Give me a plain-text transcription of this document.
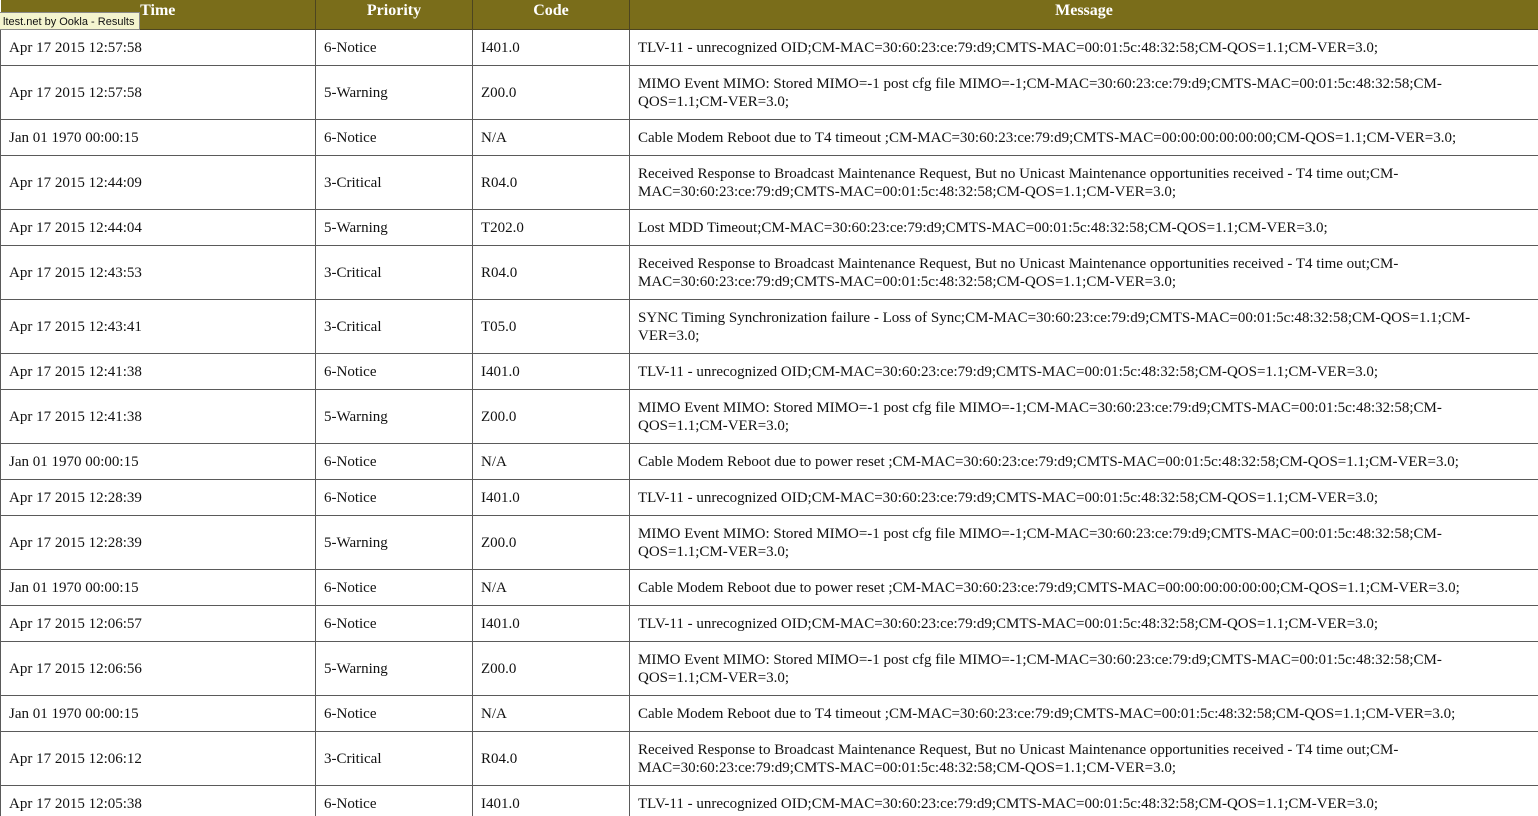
Time	Priority	Code	Message
Apr 17 2015 12:57:58	6-Notice	I401.0	TLV-11 - unrecognized OID;CM-MAC=30:60:23:ce:79:d9;CMTS-MAC=00:01:5c:48:32:58;CM-QOS=1.1;CM-VER=3.0;
Apr 17 2015 12:57:58	5-Warning	Z00.0	MIMO Event MIMO: Stored MIMO=-1 post cfg file MIMO=-1;CM-MAC=30:60:23:ce:79:d9;CMTS-MAC=00:01:5c:48:32:58;CM-QOS=1.1;CM-VER=3.0;
Jan 01 1970 00:00:15	6-Notice	N/A	Cable Modem Reboot due to T4 timeout ;CM-MAC=30:60:23:ce:79:d9;CMTS-MAC=00:00:00:00:00:00;CM-QOS=1.1;CM-VER=3.0;
Apr 17 2015 12:44:09	3-Critical	R04.0	Received Response to Broadcast Maintenance Request, But no Unicast Maintenance opportunities received - T4 time out;CM-MAC=30:60:23:ce:79:d9;CMTS-MAC=00:01:5c:48:32:58;CM-QOS=1.1;CM-VER=3.0;
Apr 17 2015 12:44:04	5-Warning	T202.0	Lost MDD Timeout;CM-MAC=30:60:23:ce:79:d9;CMTS-MAC=00:01:5c:48:32:58;CM-QOS=1.1;CM-VER=3.0;
Apr 17 2015 12:43:53	3-Critical	R04.0	Received Response to Broadcast Maintenance Request, But no Unicast Maintenance opportunities received - T4 time out;CM-MAC=30:60:23:ce:79:d9;CMTS-MAC=00:01:5c:48:32:58;CM-QOS=1.1;CM-VER=3.0;
Apr 17 2015 12:43:41	3-Critical	T05.0	SYNC Timing Synchronization failure - Loss of Sync;CM-MAC=30:60:23:ce:79:d9;CMTS-MAC=00:01:5c:48:32:58;CM-QOS=1.1;CM-VER=3.0;
Apr 17 2015 12:41:38	6-Notice	I401.0	TLV-11 - unrecognized OID;CM-MAC=30:60:23:ce:79:d9;CMTS-MAC=00:01:5c:48:32:58;CM-QOS=1.1;CM-VER=3.0;
Apr 17 2015 12:41:38	5-Warning	Z00.0	MIMO Event MIMO: Stored MIMO=-1 post cfg file MIMO=-1;CM-MAC=30:60:23:ce:79:d9;CMTS-MAC=00:01:5c:48:32:58;CM-QOS=1.1;CM-VER=3.0;
Jan 01 1970 00:00:15	6-Notice	N/A	Cable Modem Reboot due to power reset ;CM-MAC=30:60:23:ce:79:d9;CMTS-MAC=00:01:5c:48:32:58;CM-QOS=1.1;CM-VER=3.0;
Apr 17 2015 12:28:39	6-Notice	I401.0	TLV-11 - unrecognized OID;CM-MAC=30:60:23:ce:79:d9;CMTS-MAC=00:01:5c:48:32:58;CM-QOS=1.1;CM-VER=3.0;
Apr 17 2015 12:28:39	5-Warning	Z00.0	MIMO Event MIMO: Stored MIMO=-1 post cfg file MIMO=-1;CM-MAC=30:60:23:ce:79:d9;CMTS-MAC=00:01:5c:48:32:58;CM-QOS=1.1;CM-VER=3.0;
Jan 01 1970 00:00:15	6-Notice	N/A	Cable Modem Reboot due to power reset ;CM-MAC=30:60:23:ce:79:d9;CMTS-MAC=00:00:00:00:00:00;CM-QOS=1.1;CM-VER=3.0;
Apr 17 2015 12:06:57	6-Notice	I401.0	TLV-11 - unrecognized OID;CM-MAC=30:60:23:ce:79:d9;CMTS-MAC=00:01:5c:48:32:58;CM-QOS=1.1;CM-VER=3.0;
Apr 17 2015 12:06:56	5-Warning	Z00.0	MIMO Event MIMO: Stored MIMO=-1 post cfg file MIMO=-1;CM-MAC=30:60:23:ce:79:d9;CMTS-MAC=00:01:5c:48:32:58;CM-QOS=1.1;CM-VER=3.0;
Jan 01 1970 00:00:15	6-Notice	N/A	Cable Modem Reboot due to T4 timeout ;CM-MAC=30:60:23:ce:79:d9;CMTS-MAC=00:01:5c:48:32:58;CM-QOS=1.1;CM-VER=3.0;
Apr 17 2015 12:06:12	3-Critical	R04.0	Received Response to Broadcast Maintenance Request, But no Unicast Maintenance opportunities received - T4 time out;CM-MAC=30:60:23:ce:79:d9;CMTS-MAC=00:01:5c:48:32:58;CM-QOS=1.1;CM-VER=3.0;
Apr 17 2015 12:05:38	6-Notice	I401.0	TLV-11 - unrecognized OID;CM-MAC=30:60:23:ce:79:d9;CMTS-MAC=00:01:5c:48:32:58;CM-QOS=1.1;CM-VER=3.0;
ltest.net by Ookla - Results
